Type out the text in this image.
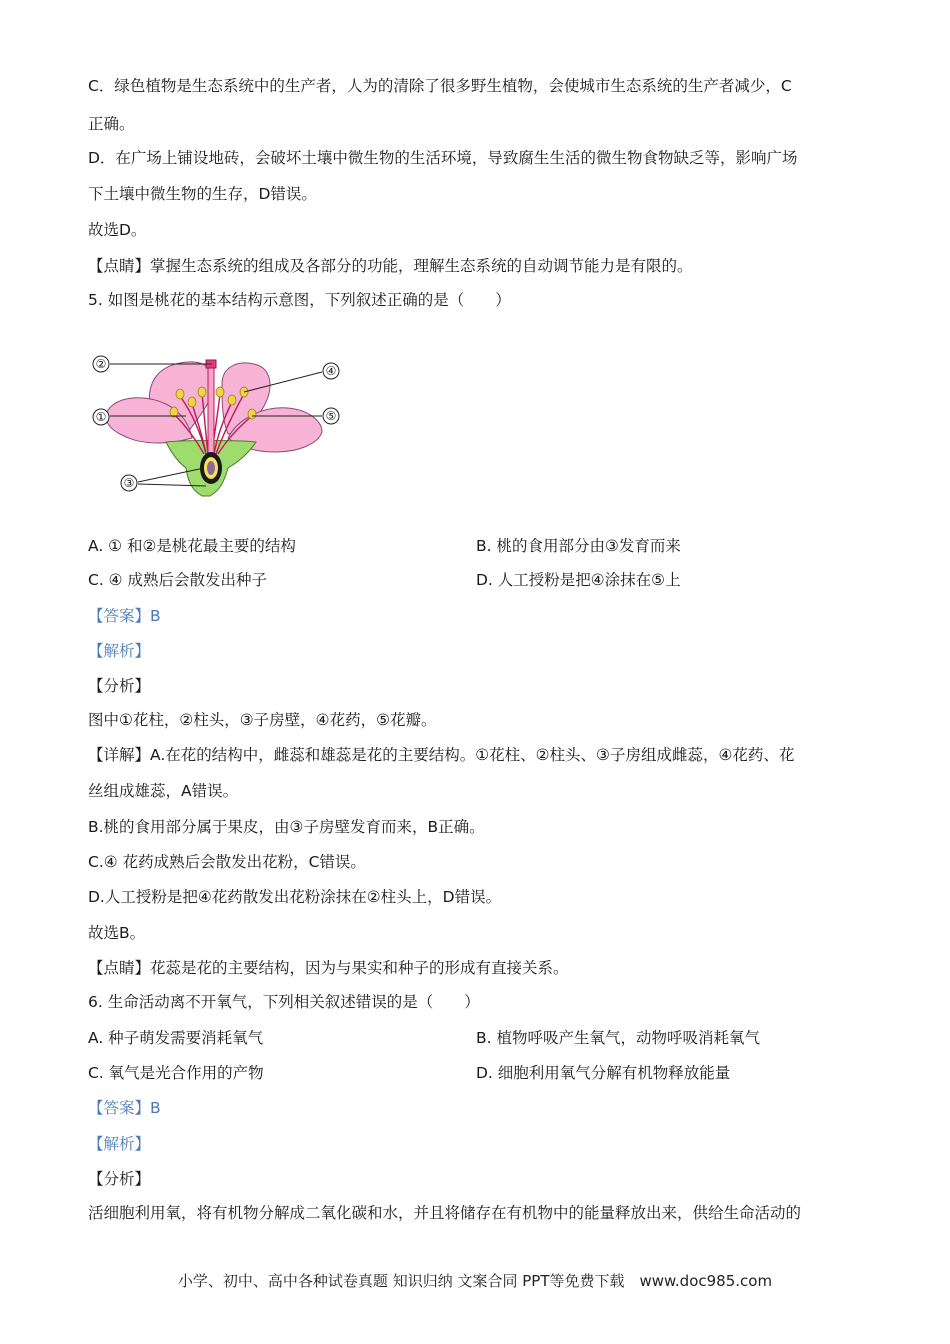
C．绿色植物是生态系统中的生产者，人为的清除了很多野生植物，会使城市生态系统的生产者减少，C
正确。
D．在广场上铺设地砖，会破坏土壤中微生物的生活环境，导致腐生生活的微生物食物缺乏等，影响广场
下土壤中微生物的生存，D错误。
故选D。
【点睛】掌握生态系统的组成及各部分的功能，理解生态系统的自动调节能力是有限的。
5. 如图是桃花的基本结构示意图，下列叙述正确的是（　　）
②	④
①	⑤
③
A. ① 和②是桃花最主要的结构	B. 桃的食用部分由③发育而来
C. ④ 成熟后会散发出种子	D. 人工授粉是把④涂抹在⑤上
【答案】B
【解析】
【分析】
图中①花柱，②柱头，③子房壁，④花药，⑤花瓣。
【详解】A.在花的结构中，雌蕊和雄蕊是花的主要结构。①花柱、②柱头、③子房组成雌蕊，④花药、花
丝组成雄蕊，A错误。
B.桃的食用部分属于果皮，由③子房壁发育而来，B正确。
C.④ 花药成熟后会散发出花粉，C错误。
D.人工授粉是把④花药散发出花粉涂抹在②柱头上，D错误。
故选B。
【点睛】花蕊是花的主要结构，因为与果实和种子的形成有直接关系。
6. 生命活动离不开氧气，下列相关叙述错误的是（　　）
A. 种子萌发需要消耗氧气	B. 植物呼吸产生氧气，动物呼吸消耗氧气
C. 氧气是光合作用的产物	D. 细胞利用氧气分解有机物释放能量
【答案】B
【解析】
【分析】
活细胞利用氧，将有机物分解成二氧化碳和水，并且将储存在有机物中的能量释放出来，供给生命活动的
小学、初中、高中各种试卷真题 知识归纳 文案合同 PPT等免费下载　www.doc985.com
